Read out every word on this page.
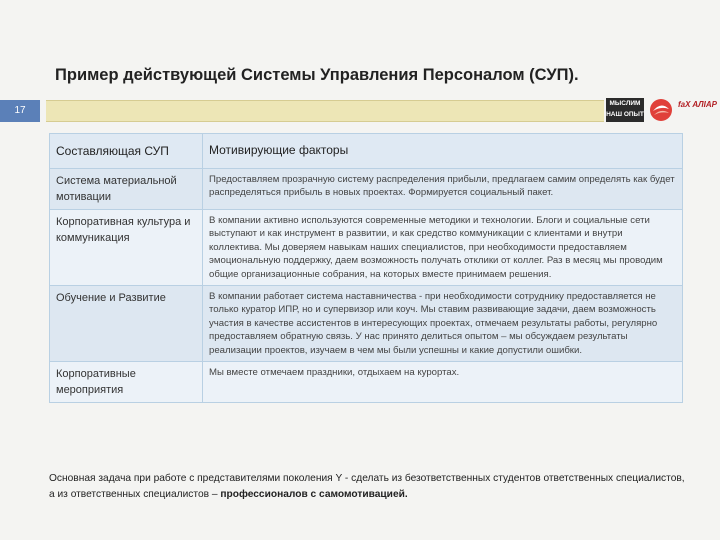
Пример действующей Системы Управления Персоналом (СУП).
17
МЫСЛИМ НАШ ОПЫТ
faX AЛIАР
Составляющая СУП	Мотивирующие факторы
Система материальной мотивации	Предоставляем прозрачную систему распределения прибыли, предлагаем самим определять как будет распределяться прибыль в новых проектах. Формируется социальный пакет.
Корпоративная культура и коммуникация	В компании активно используются современные методики и технологии. Блоги и социальные сети выступают и как инструмент в развитии, и как средство коммуникации с клиентами и внутри коллектива. Мы доверяем навыкам наших специалистов, при необходимости предоставляем эмоциональную поддержку, даем возможность получать отклики от коллег. Раз в месяц мы проводим общие организационные собрания, на которых вместе принимаем решения.
Обучение и Развитие	В компании работает система наставничества - при необходимости сотруднику предоставляется не только куратор ИПР, но и супервизор или коуч. Мы ставим развивающие задачи, даем возможность участия в качестве ассистентов в интересующих проектах, отмечаем результаты работы, регулярно предоставляем обратную связь. У нас принято делиться опытом – мы обсуждаем результаты реализации проектов, изучаем в чем мы были успешны и какие допустили ошибки.
Корпоративные мероприятия	Мы вместе отмечаем праздники, отдыхаем на курортах.
Основная задача при работе с представителями поколения Y - сделать из безответственных студентов ответственных специалистов, а из ответственных специалистов – профессионалов с самомотивацией.
